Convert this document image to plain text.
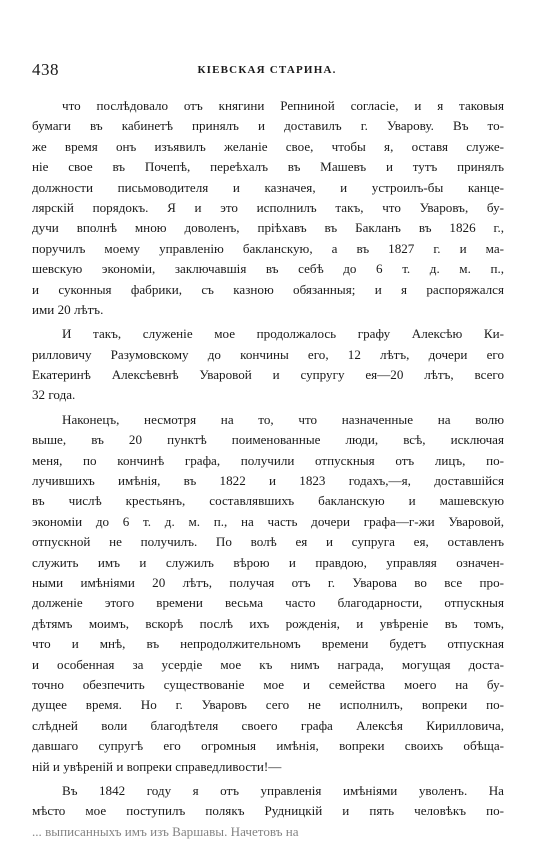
438	КІЕВСКАЯ СТАРИНА.
что послѣдовало отъ княгини Репниной согласіе, и я таковыя
бумаги въ кабинетѣ принялъ и доставилъ г. Уварову. Въ то-
же время онъ изъявилъ желаніе свое, чтобы я, оставя служе-
ніе свое въ Почепѣ, переѣхалъ въ Машевъ и тутъ принялъ
должности письмоводителя и казначея, и устроилъ-бы канце-
лярскій порядокъ. Я и это исполнилъ такъ, что Уваровъ, бу-
дучи вполнѣ мною доволенъ, пріѣхавъ въ Бакланъ въ 1826 г.,
поручилъ моему управленію бакланскую, а въ 1827 г. и ма-
шевскую экономіи, заключавшія въ себѣ до 6 т. д. м. п.,
и суконныя фабрики, съ казною обязанныя; и я распоряжался
ими 20 лѣтъ.
И такъ, служеніе мое продолжалось графу Алексѣю Ки-
рилловичу Разумовскому до кончины его, 12 лѣтъ, дочери его
Екатеринѣ Алексѣевнѣ Уваровой и супругу ея—20 лѣтъ, всего
32 года.
Наконецъ, несмотря на то, что назначенные на волю
выше, въ 20 пунктѣ поименованные люди, всѣ, исключая
меня, по кончинѣ графа, получили отпускныя отъ лицъ, по-
лучившихъ имѣнія, въ 1822 и 1823 годахъ,—я, доставшійся
въ числѣ крестьянъ, составлявшихъ бакланскую и машевскую
экономіи до 6 т. д. м. п., на часть дочери графа—г-жи Уваровой,
отпускной не получилъ. По волѣ ея и супруга ея, оставленъ
служить имъ и служилъ вѣрою и правдою, управляя означен-
ными имѣніями 20 лѣтъ, получая отъ г. Уварова во все про-
долженіе этого времени весьма часто благодарности, отпускныя
дѣтямъ моимъ, вскорѣ послѣ ихъ рожденія, и увѣреніе въ томъ,
что и мнѣ, въ непродолжительномъ времени будетъ отпускная
и особенная за усердіе мое къ нимъ награда, могущая доста-
точно обезпечить существованіе мое и семейства моего на бу-
дущее время. Но г. Уваровъ сего не исполнилъ, вопреки по-
слѣдней воли благодѣтеля своего графа Алексѣя Кирилловича,
давшаго супругѣ его огромныя имѣнія, вопреки своихъ обѣща-
ній и увѣреній и вопреки справедливости!—
Въ 1842 году я отъ управленія имѣніями уволенъ. На
мѣсто мое поступилъ полякъ Рудницкій и пять человѣкъ по-
... выписанныхъ имъ изъ Варшавы. Начетовъ на
